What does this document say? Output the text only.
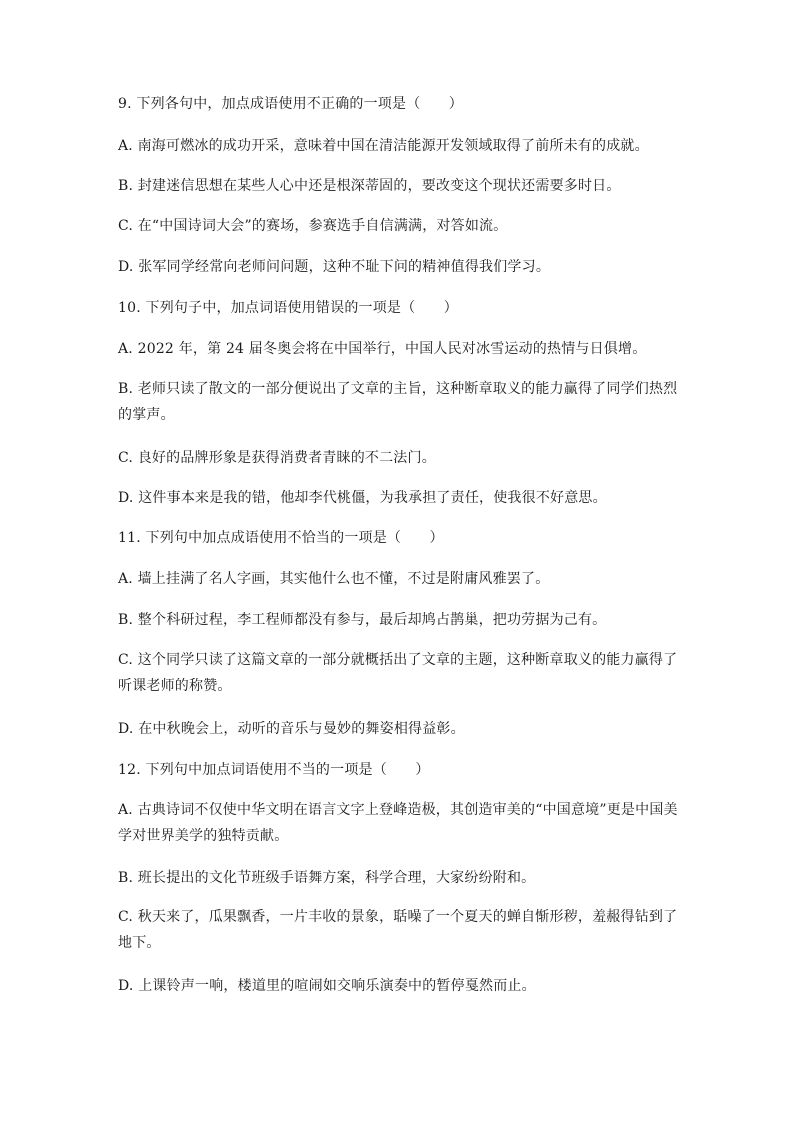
9. 下列各句中，加点成语使用不正确的一项是（　　）
A. 南海可燃冰的成功开采，意味着中国在清洁能源开发领域取得了前所未有的成就。
B. 封建迷信思想在某些人心中还是根深蒂固的，要改变这个现状还需要多时日。
C. 在“中国诗词大会”的赛场，参赛选手自信满满，对答如流。
D. 张军同学经常向老师问问题，这种不耻下问的精神值得我们学习。
10. 下列句子中，加点词语使用错误的一项是（　　）
A. 2022 年，第 24 届冬奥会将在中国举行，中国人民对冰雪运动的热情与日俱增。
B. 老师只读了散文的一部分便说出了文章的主旨，这种断章取义的能力赢得了同学们热烈的掌声。
C. 良好的品牌形象是获得消费者青睐的不二法门。
D. 这件事本来是我的错，他却李代桃僵，为我承担了责任，使我很不好意思。
11. 下列句中加点成语使用不恰当的一项是（　　）
A. 墙上挂满了名人字画，其实他什么也不懂，不过是附庸风雅罢了。
B. 整个科研过程，李工程师都没有参与，最后却鸠占鹊巢，把功劳据为己有。
C. 这个同学只读了这篇文章的一部分就概括出了文章的主题，这种断章取义的能力赢得了听课老师的称赞。
D. 在中秋晚会上，动听的音乐与曼妙的舞姿相得益彰。
12. 下列句中加点词语使用不当的一项是（　　）
A. 古典诗词不仅使中华文明在语言文字上登峰造极，其创造审美的“中国意境”更是中国美学对世界美学的独特贡献。
B. 班长提出的文化节班级手语舞方案，科学合理，大家纷纷附和。
C. 秋天来了，瓜果飘香，一片丰收的景象，聒噪了一个夏天的蝉自惭形秽，羞赧得钻到了地下。
D. 上课铃声一响，楼道里的喧闹如交响乐演奏中的暂停戛然而止。
